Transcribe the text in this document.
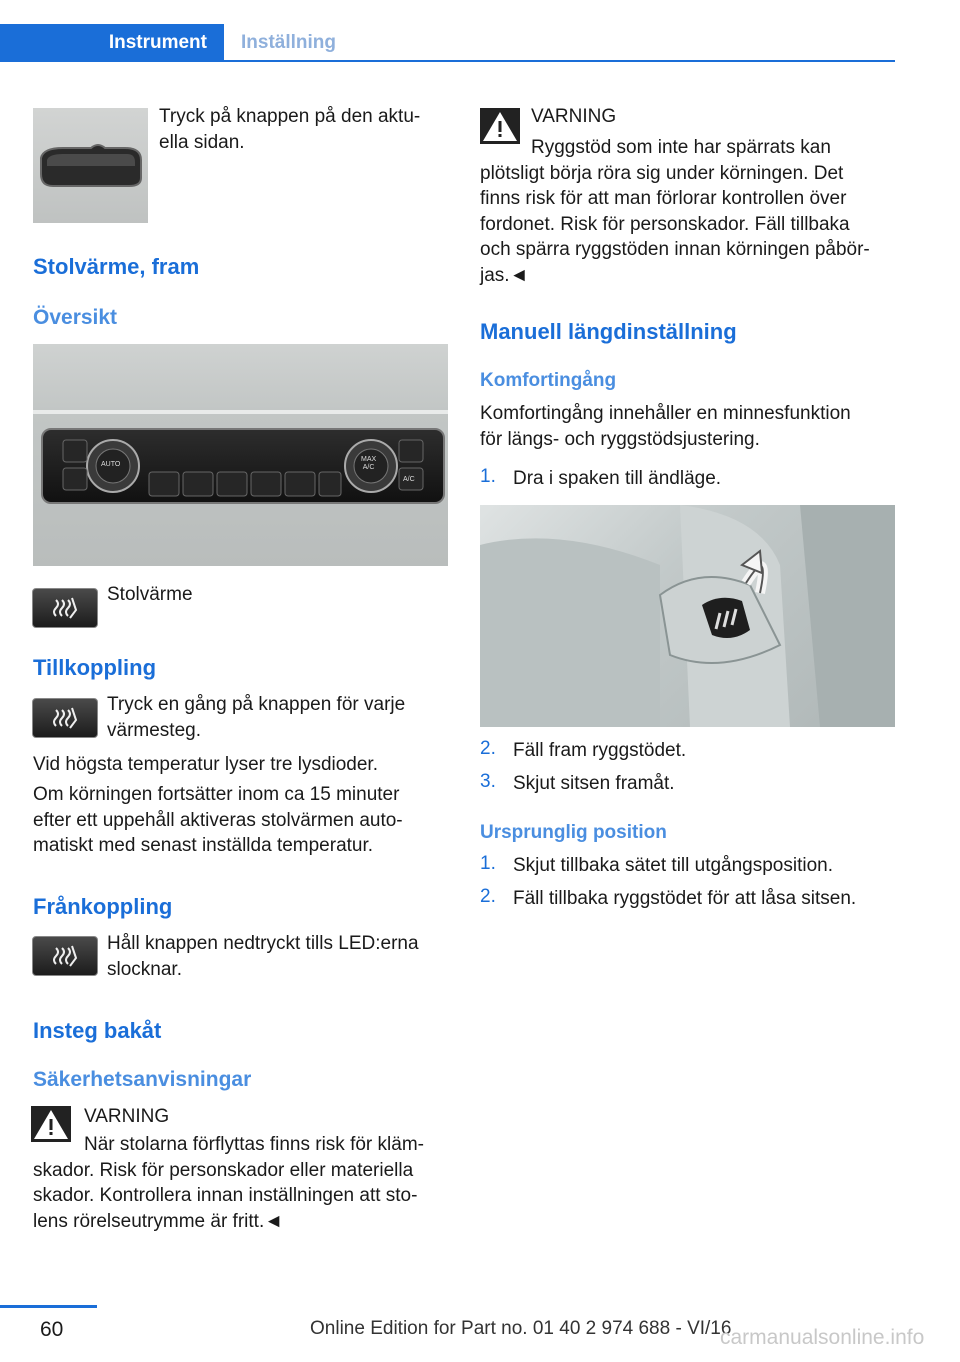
Instrument	Inställning
Tryck på knappen på den aktu-
ella sidan.
Stolvärme, fram
Översikt
AUTO
MAX
A/C
A/C
Stolvärme
Tillkoppling
Tryck en gång på knappen för varje
värmesteg.
Vid högsta temperatur lyser tre lysdioder.
Om körningen fortsätter inom ca 15 minuter
efter ett uppehåll aktiveras stolvärmen auto-
matiskt med senast inställda temperatur.
Frånkoppling
Håll knappen nedtryckt tills LED:erna
slocknar.
Insteg bakåt
Säkerhetsanvisningar
VARNING
När stolarna förflyttas finns risk för kläm-
skador. Risk för personskador eller materiella
skador. Kontrollera innan inställningen att sto-
lens rörelseutrymme är fritt.◄
VARNING
Ryggstöd som inte har spärrats kan
plötsligt börja röra sig under körningen. Det
finns risk för att man förlorar kontrollen över
fordonet. Risk för personskador. Fäll tillbaka
och spärra ryggstöden innan körningen påbör-
jas.◄
Manuell längdinställning
Komfortingång
Komfortingång innehåller en minnesfunktion
för längs- och ryggstödsjustering.
1. Dra i spaken till ändläge.
2. Fäll fram ryggstödet.
3. Skjut sitsen framåt.
Ursprunglig position
1. Skjut tillbaka sätet till utgångsposition.
2. Fäll tillbaka ryggstödet för att låsa sitsen.
60	Online Edition for Part no. 01 40 2 974 688 - VI/16
carmanualsonline.info
